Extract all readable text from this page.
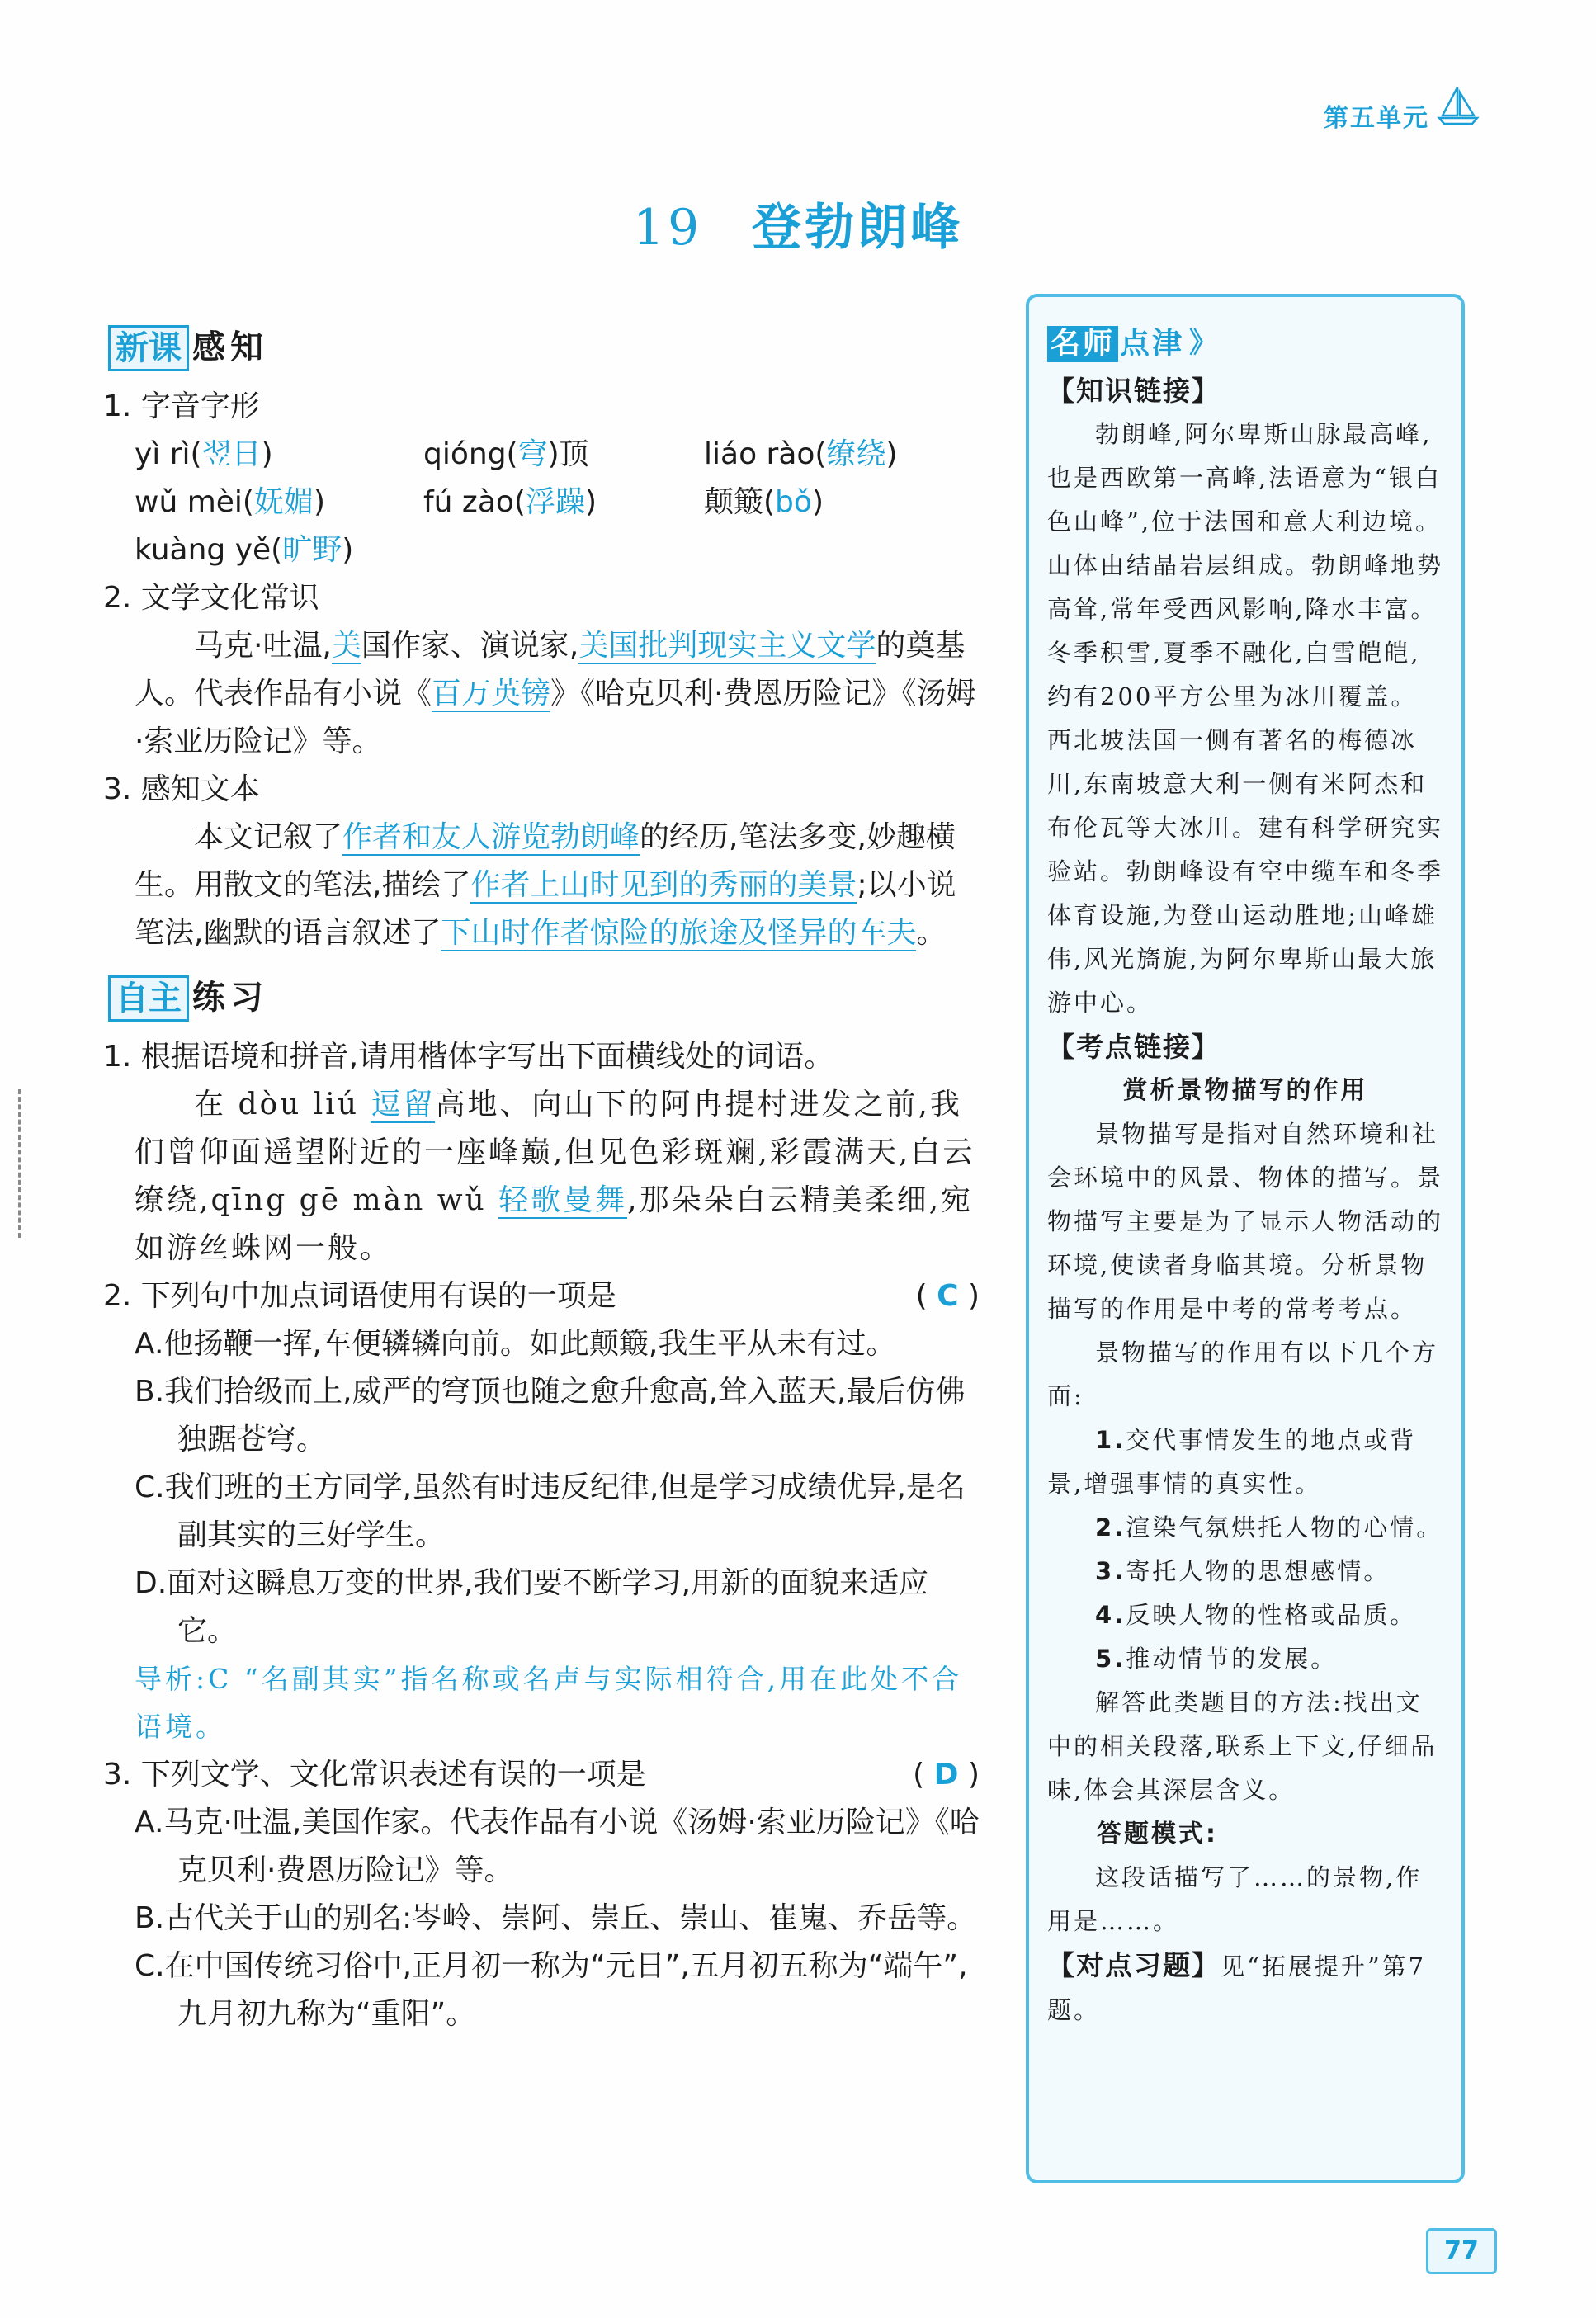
第五单元
19 登勃朗峰
新课 感知

1. 字音字形

yì rì(翌日)	qióng(穹)顶	liáo rào(缭绕)
wǔ mèi(妩媚)	fú zào(浮躁)	颠簸(bǒ)
kuàng yě(旷野)

2. 文学文化常识

马克·吐温,美国作家、演说家,美国批判现实主义文学的奠基人。代表作品有小说《百万英镑》《哈克贝利·费恩历险记》《汤姆·索亚历险记》等。

3. 感知文本

本文记叙了作者和友人游览勃朗峰的经历,笔法多变,妙趣横生。用散文的笔法,描绘了作者上山时见到的秀丽的美景;以小说笔法,幽默的语言叙述了下山时作者惊险的旅途及怪异的车夫。

自主 练习

1. 根据语境和拼音,请用楷体字写出下面横线处的词语。

在 dòu liú 逗留高地、向山下的阿冉提村进发之前,我们曾仰面遥望附近的一座峰巅,但见色彩斑斓,彩霞满天,白云缭绕,qīng gē màn wǔ 轻歌曼舞,那朵朵白云精美柔细,宛如游丝蛛网一般。

2. 下列句中加点词语使用有误的一项是	( C )
A.他扬鞭一挥,车便辚辚向前。如此颠簸,我生平从未有过。
B.我们拾级而上,威严的穹顶也随之愈升愈高,耸入蓝天,最后仿佛独踞苍穹。
C.我们班的王方同学,虽然有时违反纪律,但是学习成绩优异,是名副其实的三好学生。
D.面对这瞬息万变的世界,我们要不断学习,用新的面貌来适应它。

导析:C “名副其实”指名称或名声与实际相符合,用在此处不合语境。

3. 下列文学、文化常识表述有误的一项是	( D )
A.马克·吐温,美国作家。代表作品有小说《汤姆·索亚历险记》《哈克贝利·费恩历险记》等。
B.古代关于山的别名:岑岭、崇阿、崇丘、崇山、崔嵬、乔岳等。
C.在中国传统习俗中,正月初一称为“元日”,五月初五称为“端午”,九月初九称为“重阳”。
名师 点津 》
【知识链接】
勃朗峰,阿尔卑斯山脉最高峰,也是西欧第一高峰,法语意为“银白色山峰”,位于法国和意大利边境。山体由结晶岩层组成。勃朗峰地势高耸,常年受西风影响,降水丰富。冬季积雪,夏季不融化,白雪皑皑,约有200平方公里为冰川覆盖。西北坡法国一侧有著名的梅德冰川,东南坡意大利一侧有米阿杰和布伦瓦等大冰川。建有科学研究实验站。勃朗峰设有空中缆车和冬季体育设施,为登山运动胜地;山峰雄伟,风光旖旎,为阿尔卑斯山最大旅游中心。
【考点链接】
赏析景物描写的作用
景物描写是指对自然环境和社会环境中的风景、物体的描写。景物描写主要是为了显示人物活动的环境,使读者身临其境。分析景物描写的作用是中考的常考考点。
景物描写的作用有以下几个方面:
1.交代事情发生的地点或背景,增强事情的真实性。
2.渲染气氛烘托人物的心情。
3.寄托人物的思想感情。
4.反映人物的性格或品质。
5.推动情节的发展。
解答此类题目的方法:找出文中的相关段落,联系上下文,仔细品味,体会其深层含义。
答题模式:
这段话描写了……的景物,作用是……。
【对点习题】见“拓展提升”第7题。
77
